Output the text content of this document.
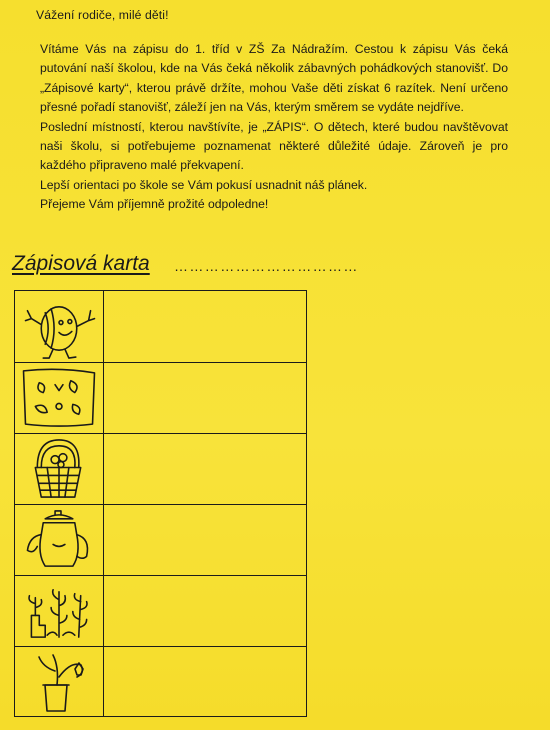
Vážení rodiče, milé děti!

Vítáme Vás na zápisu do 1. tříd v ZŠ Za Nádražím. Cestou k zápisu Vás čeká putování naší školou, kde na Vás čeká několik zábavných pohádkových stanovišť. Do „Zápisové karty“, kterou právě držíte, mohou Vaše děti získat 6 razítek. Není určeno přesné pořadí stanovišť, záleží jen na Vás, kterým směrem se vydáte nejdříve.

Poslední místností, kterou navštívíte, je „ZÁPIS“. O dětech, které budou navštěvovat naši školu, si potřebujeme poznamenat některé důležité údaje. Zároveň je pro každého připraveno malé překvapení.

Lepší orientaci po škole se Vám pokusí usnadnit náš plánek.

Přejeme Vám příjemně prožité odpoledne!

Zápisová karta ………………………………
